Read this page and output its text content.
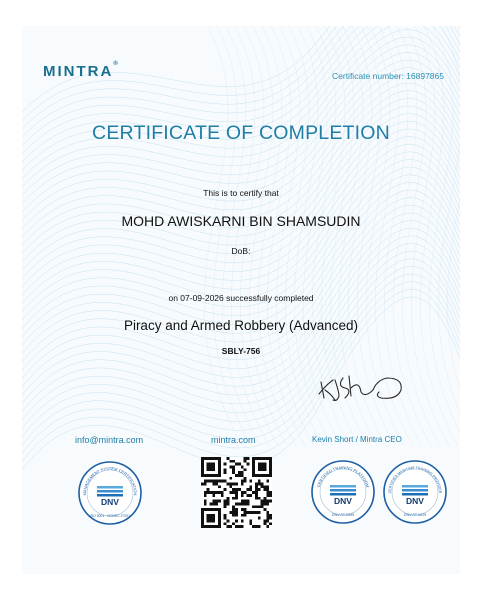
MINTRA®
Certificate number: 16897865
CERTIFICATE OF COMPLETION
This is to certify that
MOHD AWISKARNI BIN SHAMSUDIN
DoB:
on 07-09-2026 successfully completed
Piracy and Armed Robbery (Advanced)
SBLY-756
info@mintra.com	mintra.com	Kevin Short / Mintra CEO
MANAGEMENT SYSTEM CERTIFICATION
DNV
ISO 9001 · ISO/IEC 27001
CERTIFIED TRAINING PLATFORM
DNV
DNV-ST-0395
CERTIFIED MARITIME TRAINING PROVIDER
DNV
DNV-ST-0029
